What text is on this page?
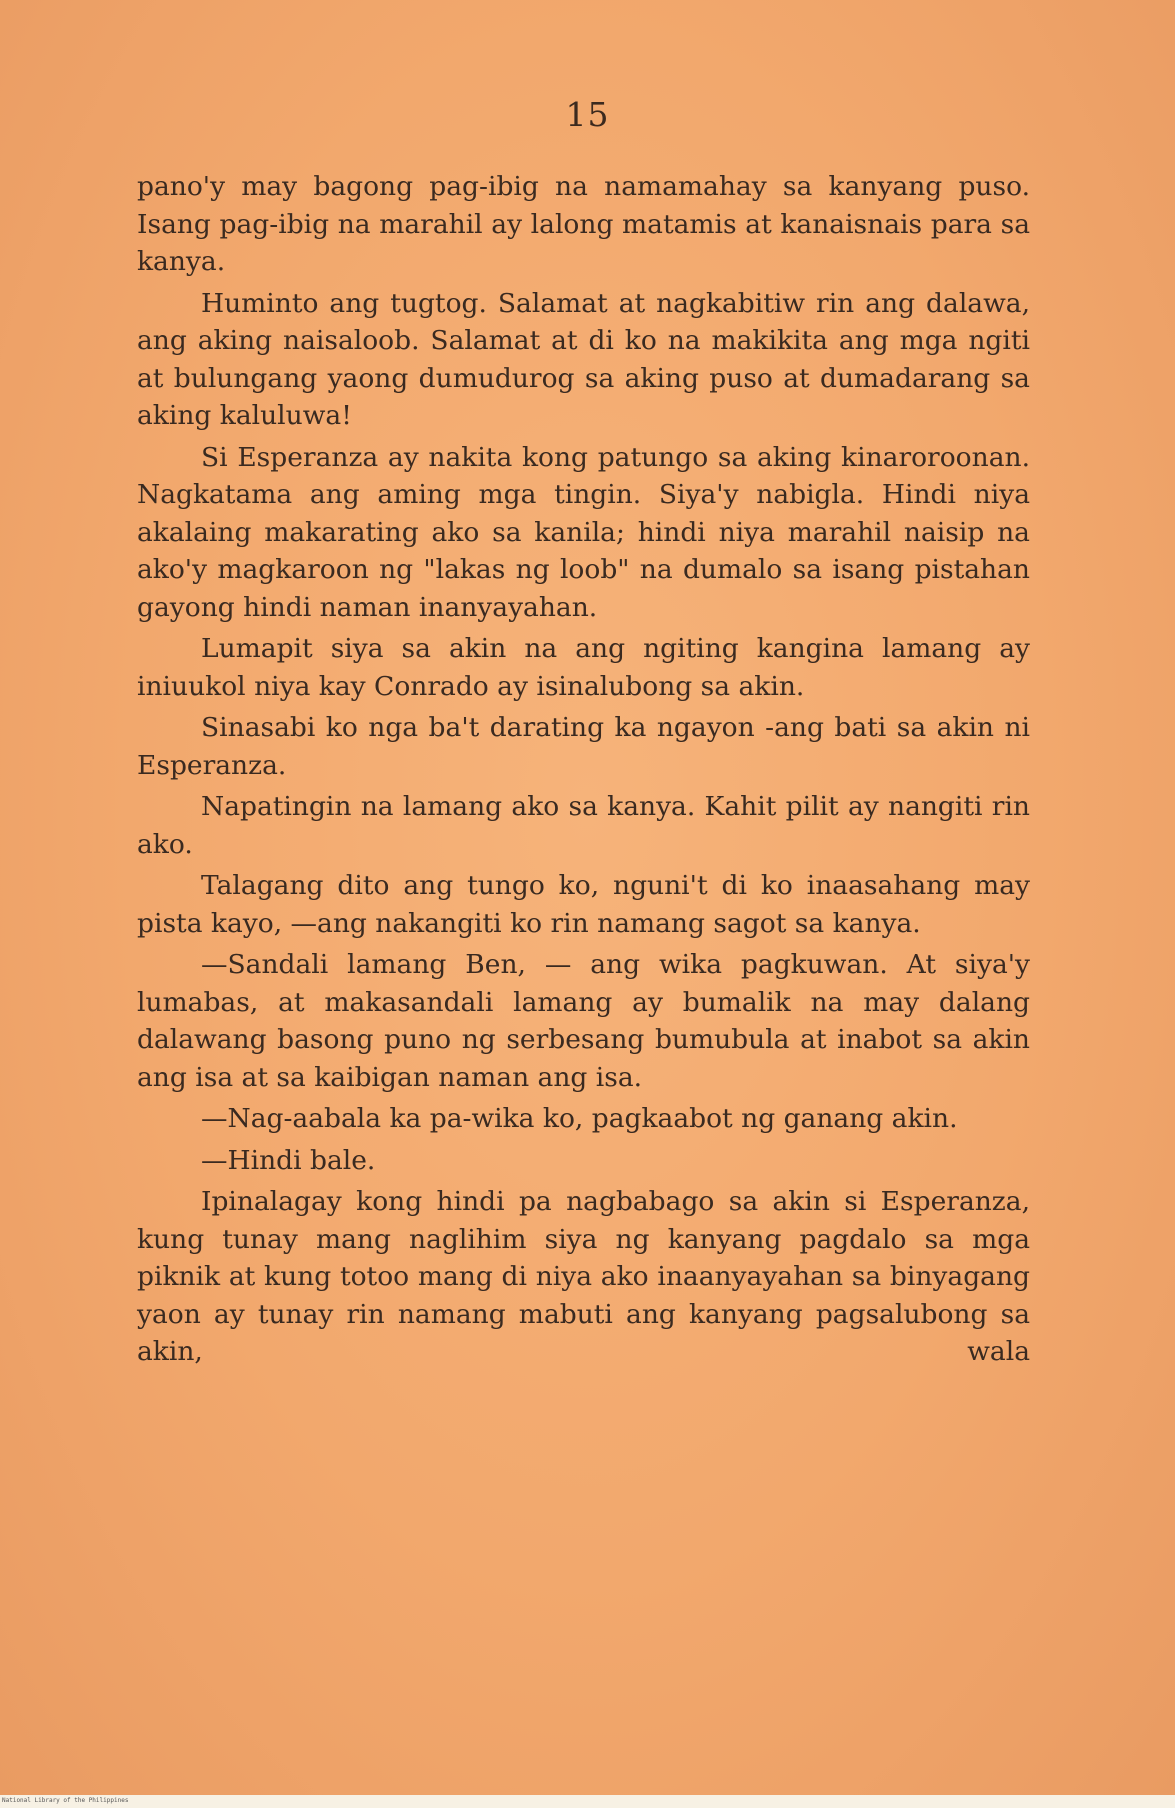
15

pano'y may bagong pag-ibig na namamahay sa kanyang puso. Isang pag-ibig na marahil ay lalong matamis at kanaisnais para sa kanya.

Huminto ang tugtog. Salamat at nagkabitiw rin ang dalawa, ang aking naisaloob. Salamat at di ko na makikita ang mga ngiti at bulungang yaong dumudurog sa aking puso at dumadarang sa aking kaluluwa!

Si Esperanza ay nakita kong patungo sa aking kinaroroonan. Nagkatama ang aming mga tingin. Siya'y nabigla. Hindi niya akalaing makarating ako sa kanila; hindi niya marahil naisip na ako'y magkaroon ng "lakas ng loob" na dumalo sa isang pistahan gayong hindi naman inanyayahan.

Lumapit siya sa akin na ang ngiting kangina lamang ay iniuukol niya kay Conrado ay isinalubong sa akin.

Sinasabi ko nga ba't darating ka ngayon -ang bati sa akin ni Esperanza.

Napatingin na lamang ako sa kanya. Kahit pilit ay nangiti rin ako.

Talagang dito ang tungo ko, nguni't di ko inaasahang may pista kayo, —ang nakangiti ko rin namang sagot sa kanya.

—Sandali lamang Ben, — ang wika pagkuwan. At siya'y lumabas, at makasandali lamang ay bumalik na may dalang dalawang basong puno ng serbesang bumubula at inabot sa akin ang isa at sa kaibigan naman ang isa.

—Nag-aabala ka pa-wika ko, pagkaabot ng ganang akin.

—Hindi bale.

Ipinalagay kong hindi pa nagbabago sa akin si Esperanza, kung tunay mang naglihim siya ng kanyang pagdalo sa mga piknik at kung totoo mang di niya ako inaanyayahan sa binyagang yaon ay tunay rin namang mabuti ang kanyang pagsalubong sa akin, wala

National Library of the Philippines
